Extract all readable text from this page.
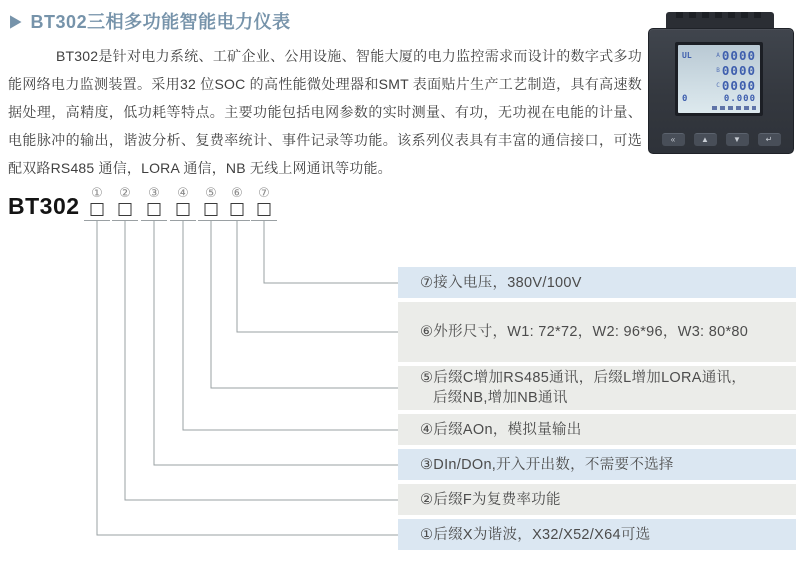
▶ BT302三相多功能智能电力仪表

BT302是针对电力系统、工矿企业、公用设施、智能大厦的电力监控需求而设计的数字式多功能网络电力监测装置。采用32 位SOC 的高性能微处理器和SMT 表面贴片生产工艺制造，具有高速数据处理，高精度，低功耗等特点。主要功能包括电网参数的实时测量、有功，无功视在电能的计量、电能脉冲的输出，谐波分析、复费率统计、事件记录等功能。该系列仪表具有丰富的通信接口，可选配双路RS485 通信，LORA 通信，NB 无线上网通讯等功能。

UL	A 0000
B 0000
C 0000
0	0.000
«	▲	▼	↵
BT302
① ② ③ ④ ⑤ ⑥ ⑦
⑦接入电压，380V/100V
⑥外形尺寸，W1: 72*72，W2: 96*96，W3: 80*80
⑤后缀C增加RS485通讯，后缀L增加LORA通讯，
后缀NB,增加NB通讯
④后缀AOn，模拟量输出
③DIn/DOn,开入开出数，不需要不选择
②后缀F为复费率功能
①后缀X为谐波，X32/X52/X64可选
